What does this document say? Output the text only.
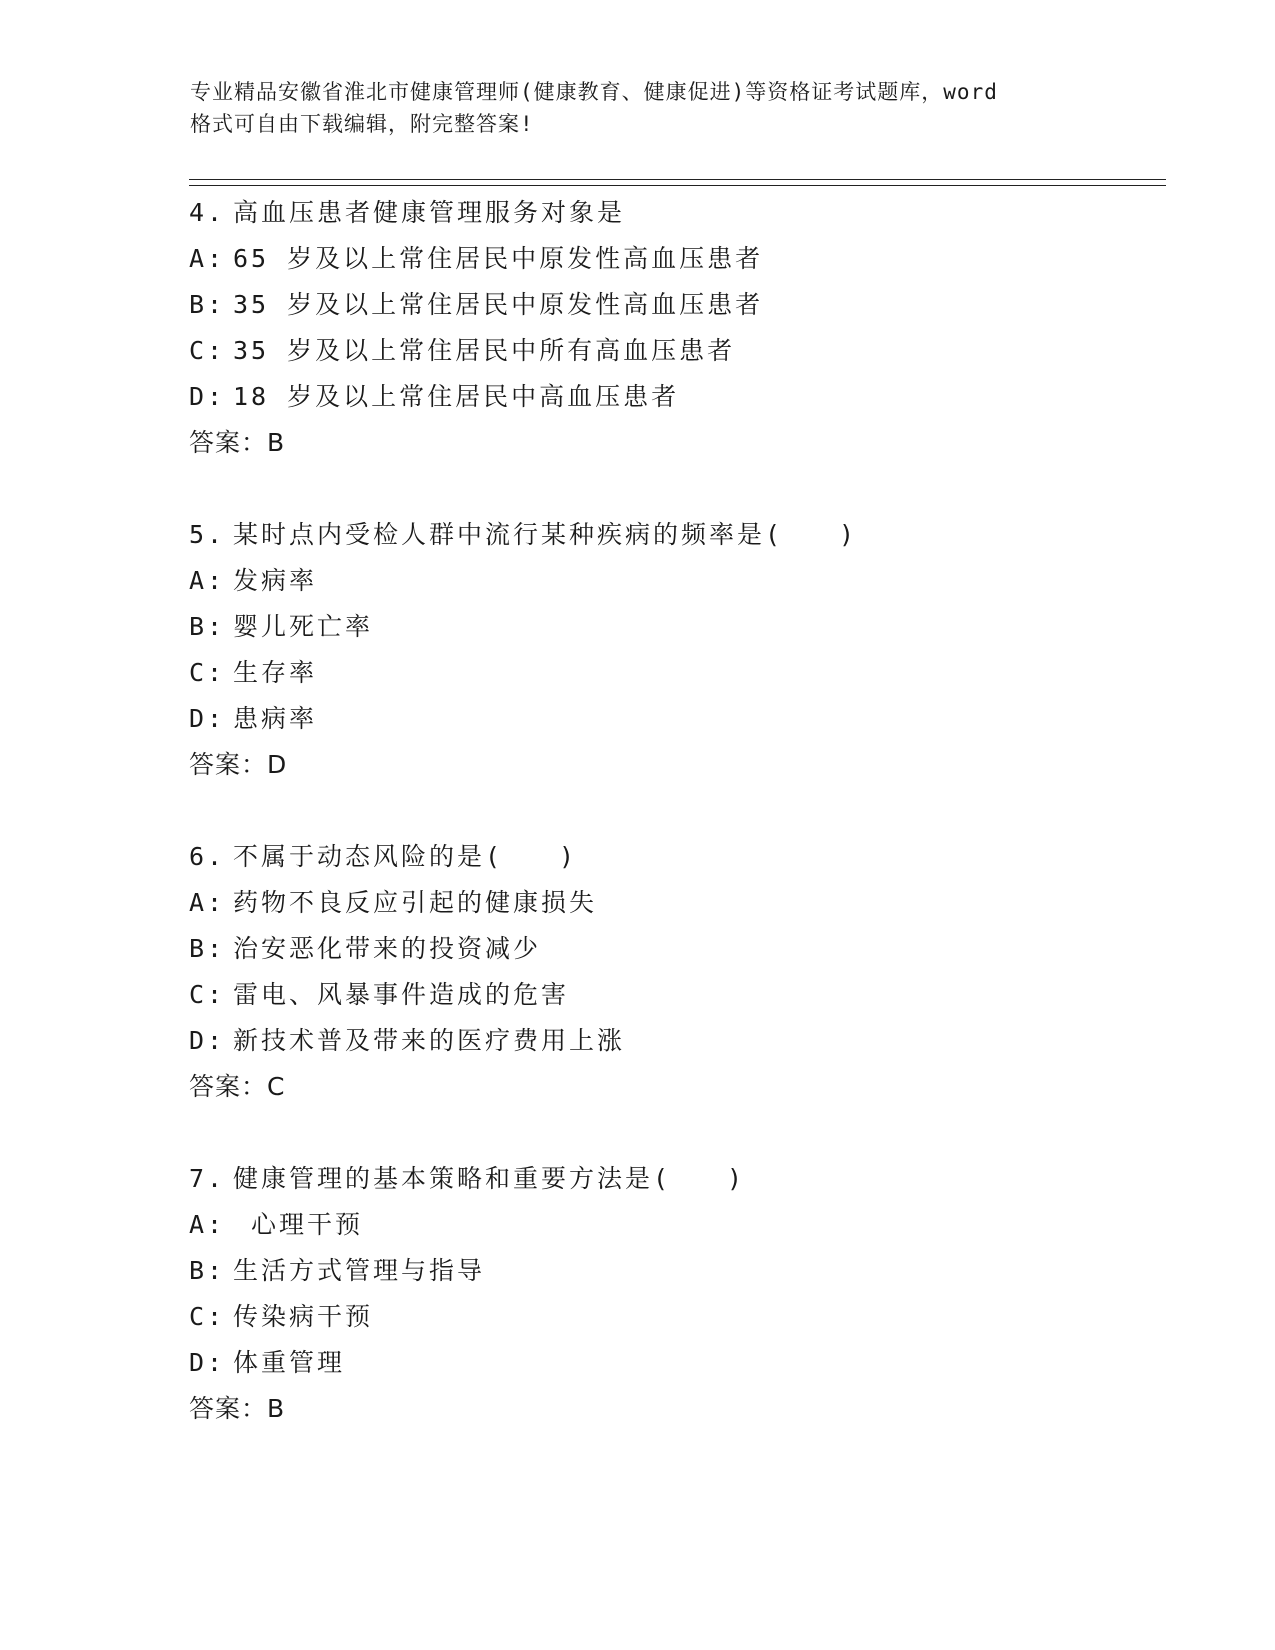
专业精品安徽省淮北市健康管理师(健康教育、健康促进)等资格证考试题库，word
格式可自由下载编辑，附完整答案!
4. 高血压患者健康管理服务对象是
A: 65 岁及以上常住居民中原发性高血压患者
B: 35 岁及以上常住居民中原发性高血压患者
C: 35 岁及以上常住居民中所有高血压患者
D: 18 岁及以上常住居民中高血压患者
答案：B
5. 某时点内受检人群中流行某种疾病的频率是(　　)
A: 发病率
B: 婴儿死亡率
C: 生存率
D: 患病率
答案：D
6. 不属于动态风险的是(　　)
A: 药物不良反应引起的健康损失
B: 治安恶化带来的投资减少
C: 雷电、风暴事件造成的危害
D: 新技术普及带来的医疗费用上涨
答案：C
7. 健康管理的基本策略和重要方法是(　　)
A: 心理干预
B: 生活方式管理与指导
C: 传染病干预
D: 体重管理
答案：B
